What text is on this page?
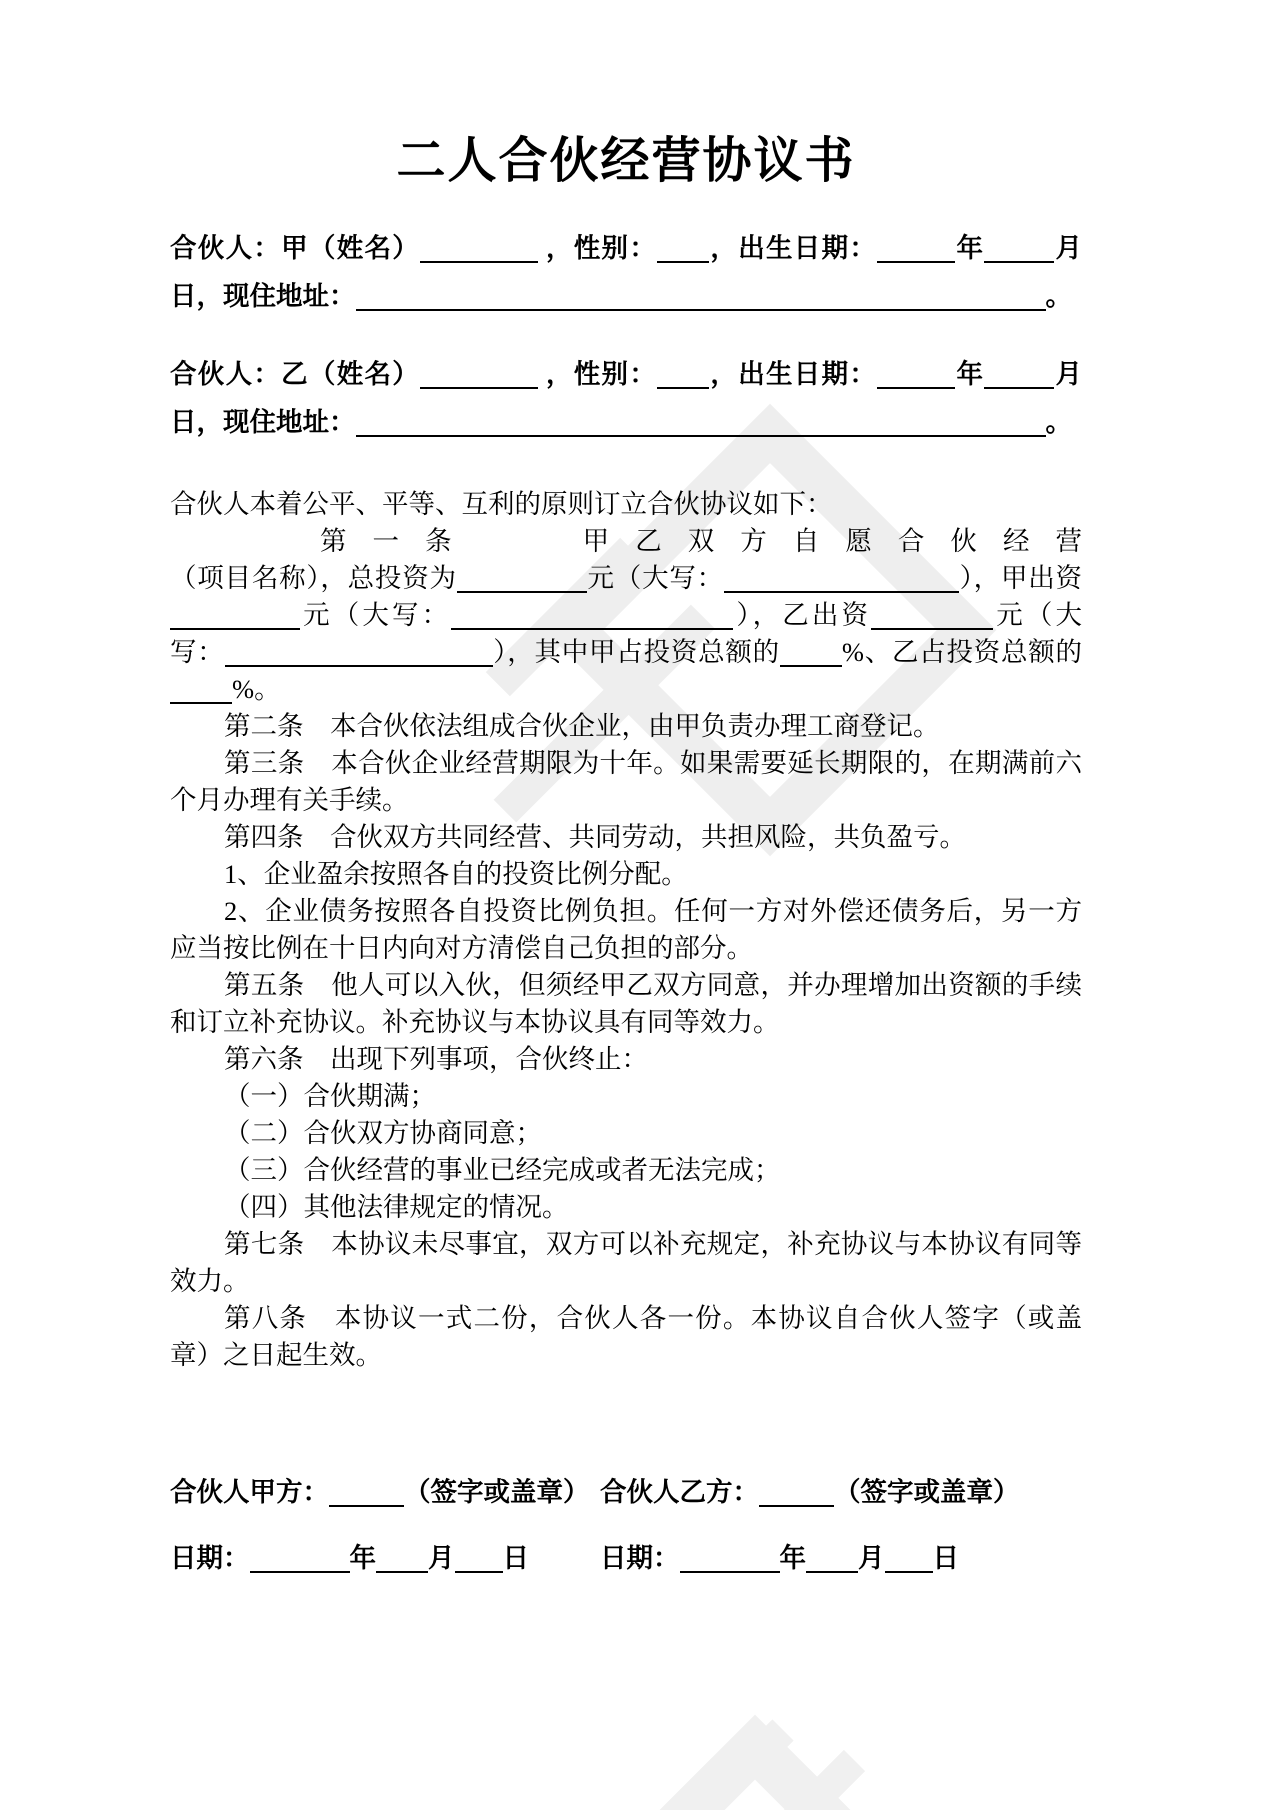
二人合伙经营协议书
合伙人：甲（姓名）	，性别： ，出生日期：	年	月日，现住地址：	。
合伙人：乙（姓名）	，性别： ，出生日期：	年	月日，现住地址：	。
合伙人本着公平、平等、互利的原则订立合伙协议如下：
第一条　　甲乙双方自愿合伙经营
（项目名称），总投资为	元（大写：	），甲出资元（大写：	），乙出资	元（大写：	），其中甲占投资总额的 %、乙占投资总额的%。
第二条　本合伙依法组成合伙企业，由甲负责办理工商登记。
第三条　本合伙企业经营期限为十年。如果需要延长期限的，在期满前六个月办理有关手续。
第四条　合伙双方共同经营、共同劳动，共担风险，共负盈亏。
1、企业盈余按照各自的投资比例分配。
2、企业债务按照各自投资比例负担。任何一方对外偿还债务后，另一方应当按比例在十日内向对方清偿自己负担的部分。
第五条　他人可以入伙，但须经甲乙双方同意，并办理增加出资额的手续和订立补充协议。补充协议与本协议具有同等效力。
第六条　出现下列事项，合伙终止：
（一）合伙期满；
（二）合伙双方协商同意；
（三）合伙经营的事业已经完成或者无法完成；
（四）其他法律规定的情况。
第七条　本协议未尽事宜，双方可以补充规定，补充协议与本协议有同等效力。
第八条　本协议一式二份，合伙人各一份。本协议自合伙人签字（或盖章）之日起生效。
合伙人甲方：	（签字或盖章） 合伙人乙方：	（签字或盖章）
日期：	年 月 日	日期：	年 月 日
